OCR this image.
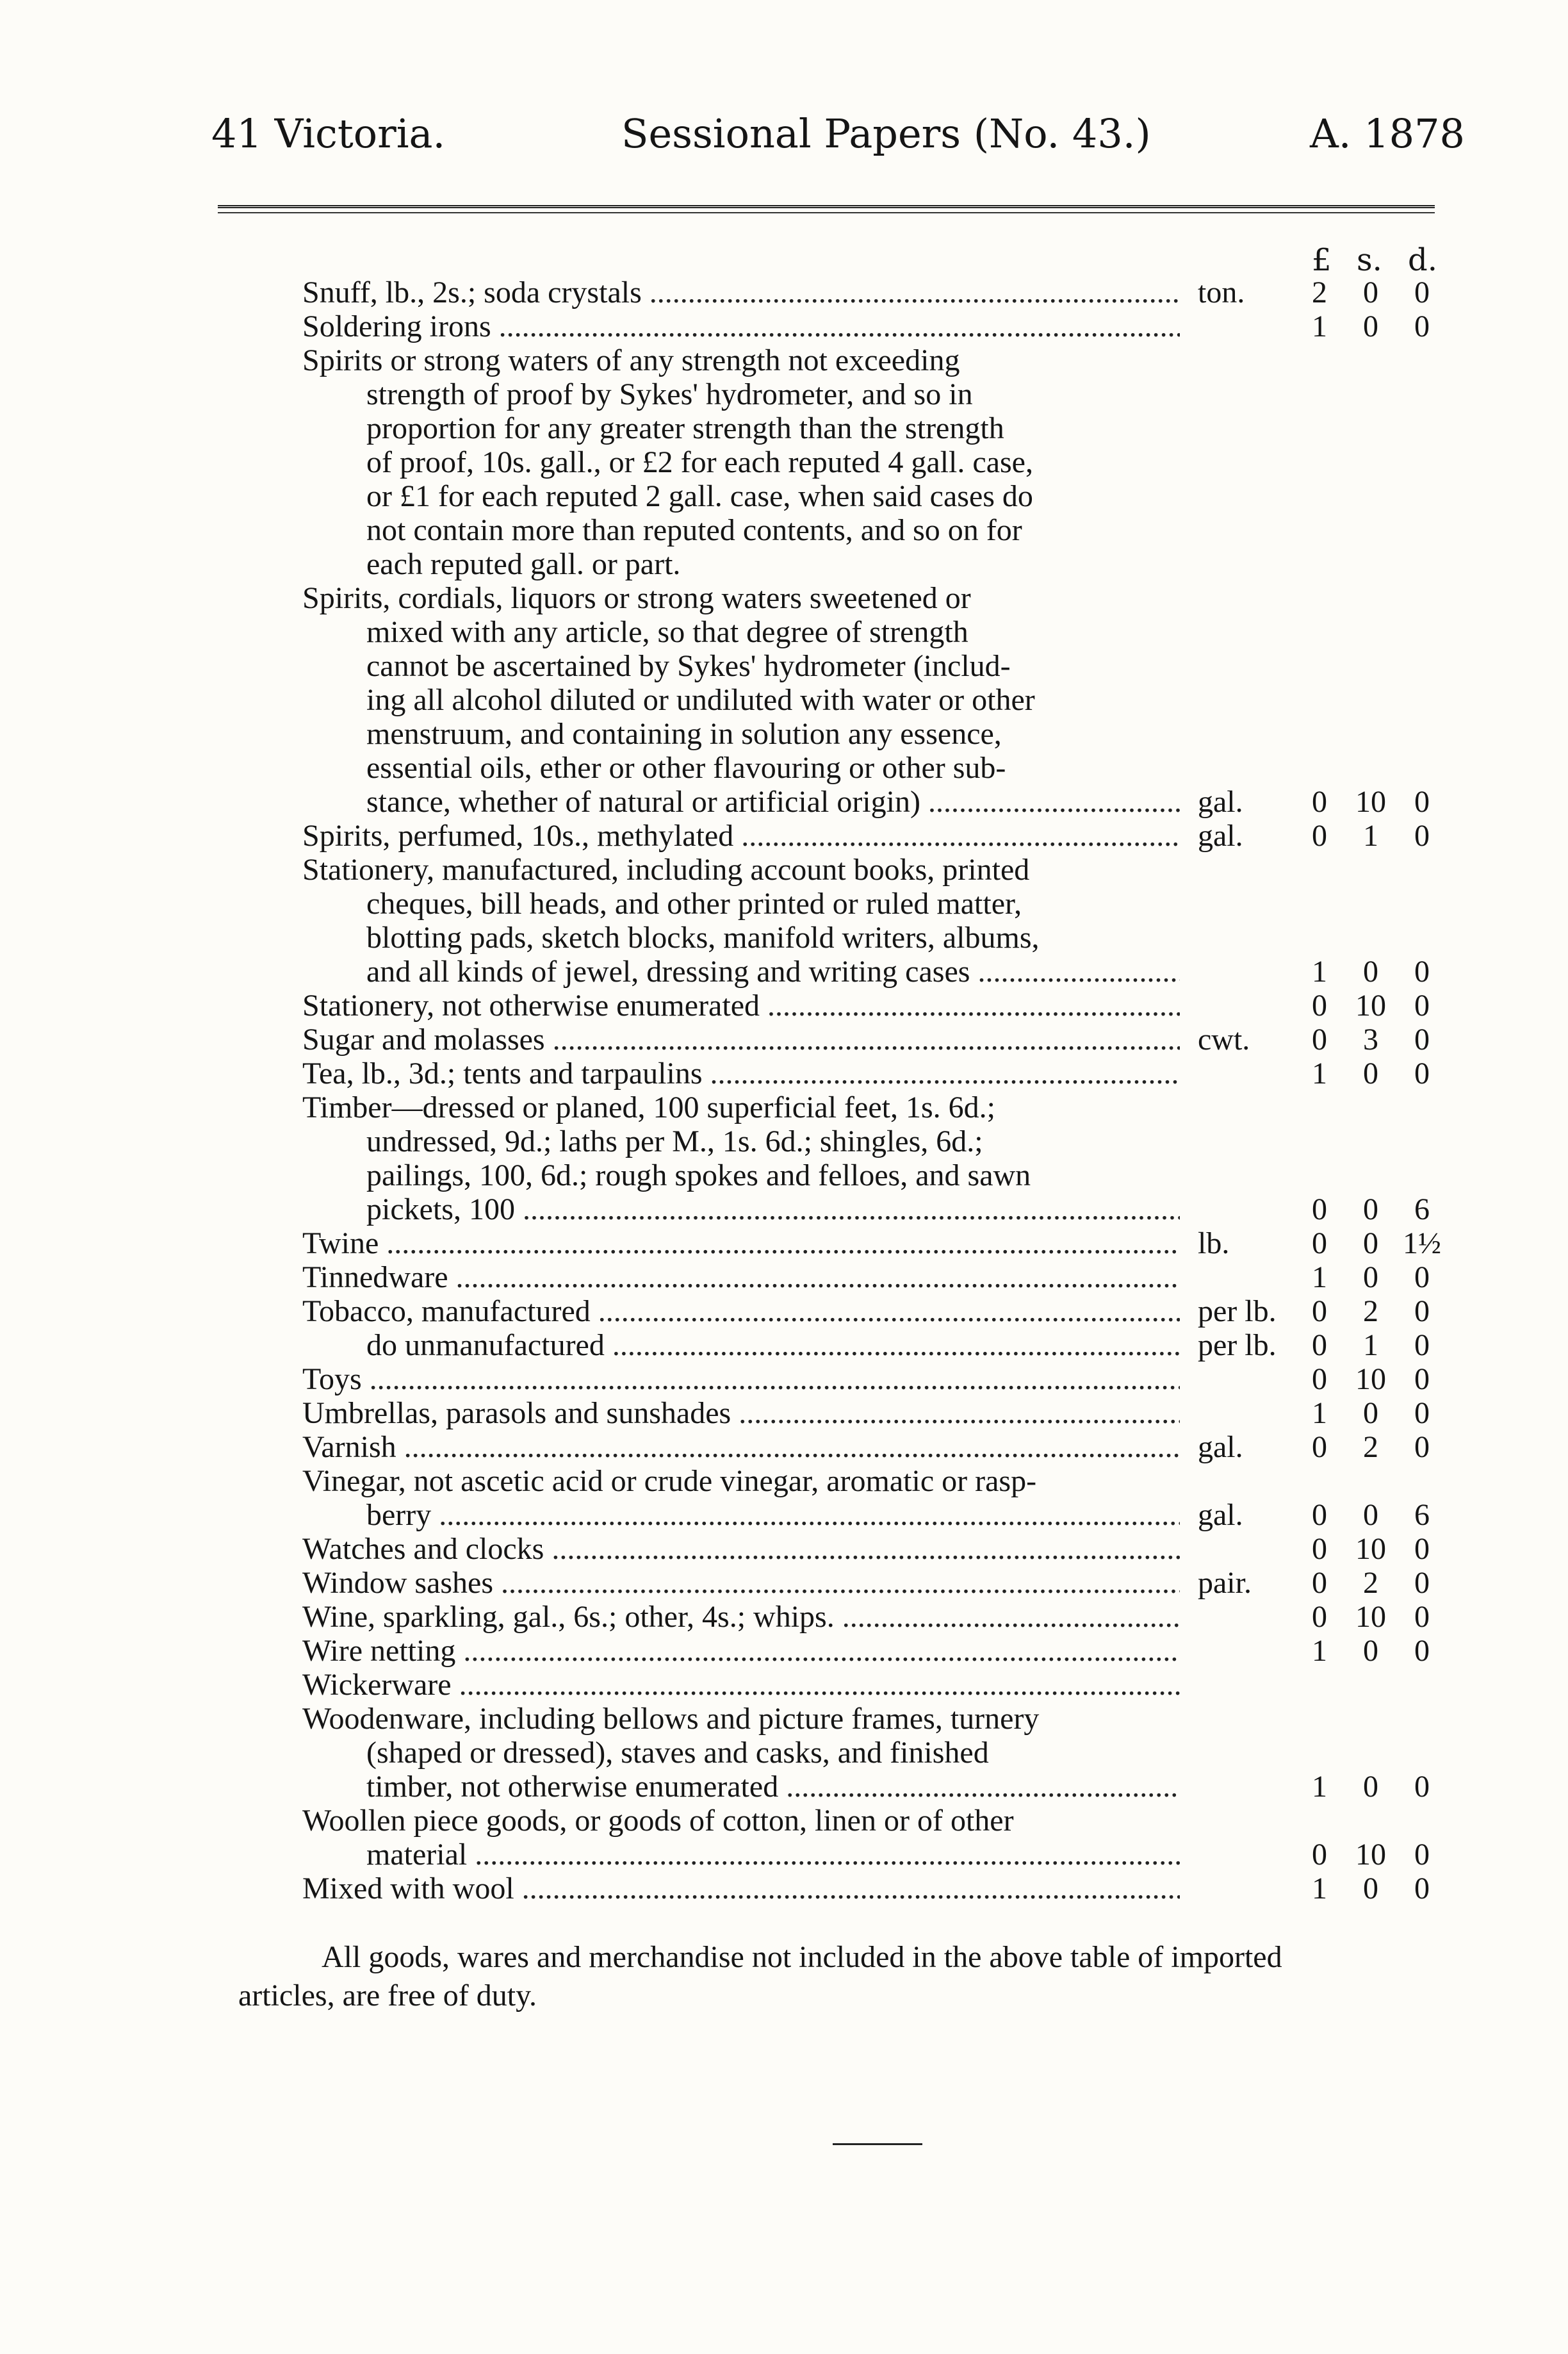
41 Victoria.	Sessional Papers (No. 43.)	A. 1878
£ s. d.
Snuff, lb., 2s.; soda crystals .....	ton.	2	0	0
Soldering irons .....	1	0	0
Spirits or strong waters of any strength not exceeding
strength of proof by Sykes' hydrometer, and so in
proportion for any greater strength than the strength
of proof, 10s. gall., or £2 for each reputed 4 gall. case,
or £1 for each reputed 2 gall. case, when said cases do
not contain more than reputed contents, and so on for
each reputed gall. or part.
Spirits, cordials, liquors or strong waters sweetened or
mixed with any article, so that degree of strength
cannot be ascertained by Sykes' hydrometer (includ-
ing all alcohol diluted or undiluted with water or other
menstruum, and containing in solution any essence,
essential oils, ether or other flavouring or other sub-
stance, whether of natural or artificial origin) .....	gal.	0 10 0
Spirits, perfumed, 10s., methylated .....	gal.	0	1	0
Stationery, manufactured, including account books, printed
cheques, bill heads, and other printed or ruled matter,
blotting pads, sketch blocks, manifold writers, albums,
and all kinds of jewel, dressing and writing cases .....	1	0	0
Stationery, not otherwise enumerated .....	0 10 0
Sugar and molasses .....	cwt.	0	3	0
Tea, lb., 3d.; tents and tarpaulins .....	1	0	0
Timber—dressed or planed, 100 superficial feet, 1s. 6d.;
undressed, 9d.; laths per M., 1s. 6d.; shingles, 6d.;
pailings, 100, 6d.; rough spokes and felloes, and sawn
pickets, 100 .....	0	0	6
Twine .....	lb.	0	0 1½
Tinnedware .....	1	0	0
Tobacco, manufactured .....	per lb.	0	2	0
do unmanufactured .....	per lb.	0	1	0
Toys .....	0 10 0
Umbrellas, parasols and sunshades .....	1	0	0
Varnish .....	gal.	0	2	0
Vinegar, not ascetic acid or crude vinegar, aromatic or rasp-
berry .....	gal.	0	0	6
Watches and clocks .....	0 10 0
Window sashes .....	pair.	0	2	0
Wine, sparkling, gal., 6s.; other, 4s.; whips. .....	0 10 0
Wire netting .....	1	0	0
Wickerware .....
Woodenware, including bellows and picture frames, turnery
(shaped or dressed), staves and casks, and finished
timber, not otherwise enumerated .....	1	0	0
Woollen piece goods, or goods of cotton, linen or of other
material .....	0 10 0
Mixed with wool .....	1	0	0
All goods, wares and merchandise not included in the above table of imported
articles, are free of duty.
